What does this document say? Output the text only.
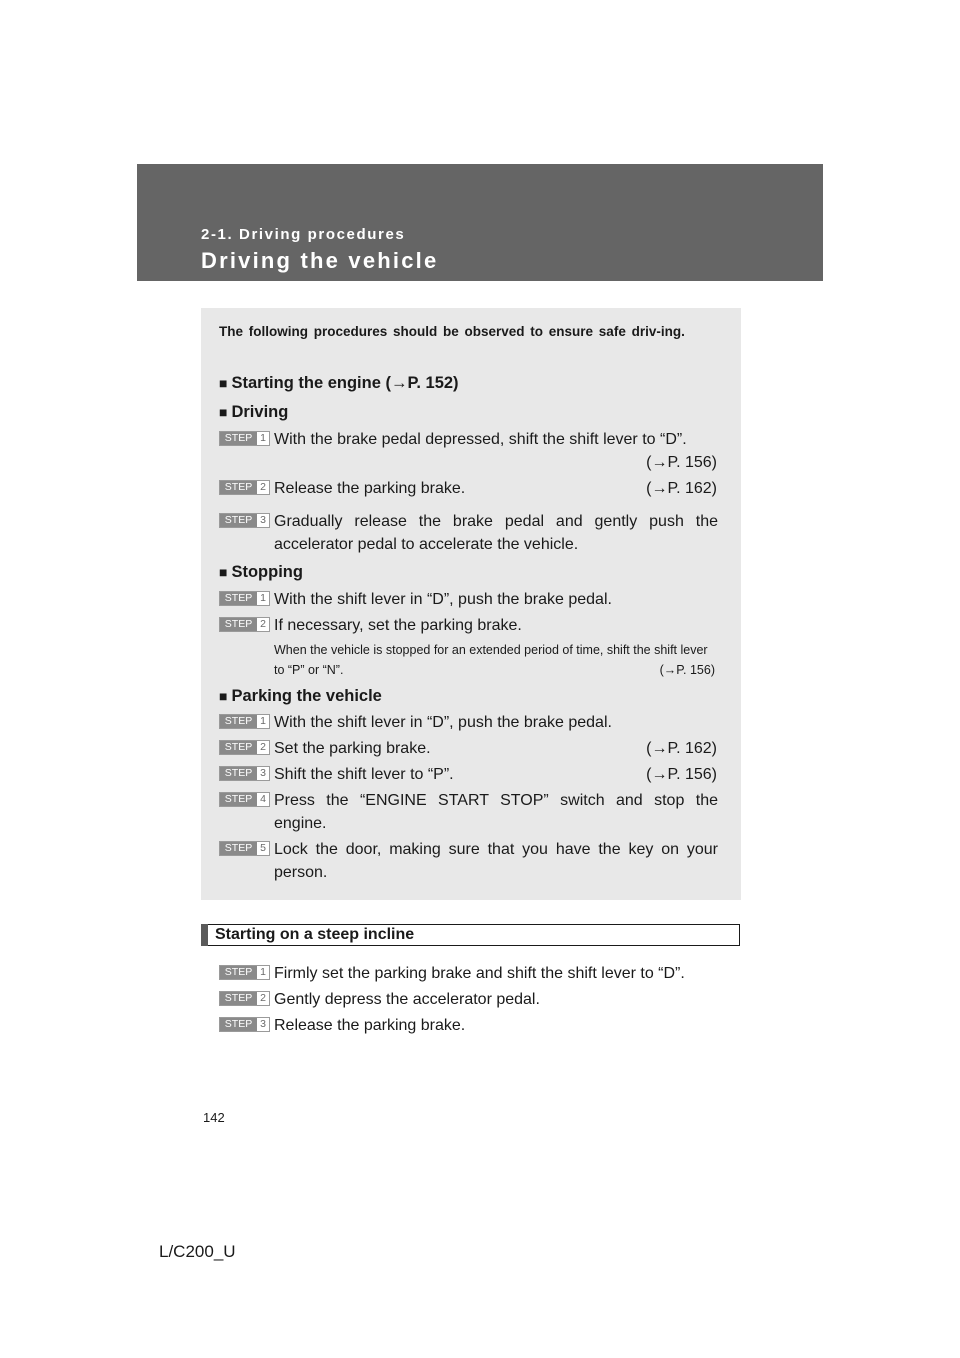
2-1. Driving procedures
Driving the vehicle
The following procedures should be observed to ensure safe driv-ing.
■ Starting the engine (→P. 152)
■ Driving
STEP 1 With the brake pedal depressed, shift the shift lever to “D”.
(→P. 156)
STEP 2 Release the parking brake.	(→P. 162)
STEP 3 Gradually release the brake pedal and gently push the accelerator pedal to accelerate the vehicle.
■ Stopping
STEP 1 With the shift lever in “D”, push the brake pedal.
STEP 2 If necessary, set the parking brake.
When the vehicle is stopped for an extended period of time, shift the shift lever to “P” or “N”.	(→P. 156)
■ Parking the vehicle
STEP 1 With the shift lever in “D”, push the brake pedal.
STEP 2 Set the parking brake.	(→P. 162)
STEP 3 Shift the shift lever to “P”.	(→P. 156)
STEP 4 Press the “ENGINE START STOP” switch and stop the engine.
STEP 5 Lock the door, making sure that you have the key on your person.
Starting on a steep incline
STEP 1 Firmly set the parking brake and shift the shift lever to “D”.
STEP 2 Gently depress the accelerator pedal.
STEP 3 Release the parking brake.
142
L/C200_U
